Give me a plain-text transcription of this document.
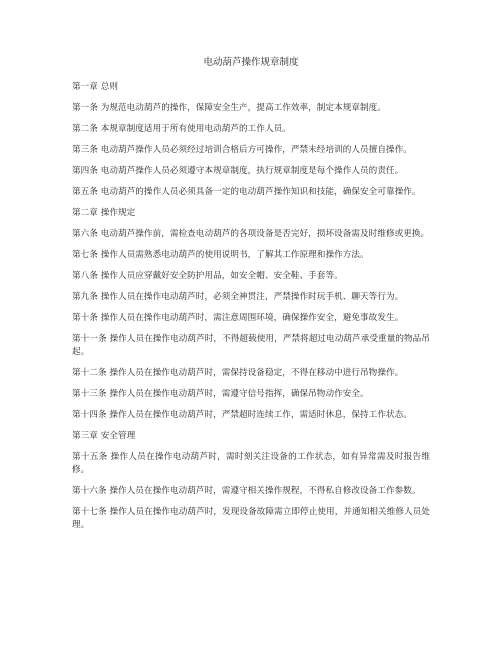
电动葫芦操作规章制度

第一章 总则

第一条 为规范电动葫芦的操作，保障安全生产，提高工作效率，制定本规章制度。

第二条 本规章制度适用于所有使用电动葫芦的工作人员。

第三条 电动葫芦操作人员必须经过培训合格后方可操作，严禁未经培训的人员擅自操作。

第四条 电动葫芦操作人员必须遵守本规章制度，执行规章制度是每个操作人员的责任。

第五条 电动葫芦的操作人员必须具备一定的电动葫芦操作知识和技能，确保安全可靠操作。

第二章 操作规定

第六条 电动葫芦操作前，需检查电动葫芦的各项设备是否完好，损坏设备需及时维修或更换。

第七条 操作人员需熟悉电动葫芦的使用说明书，了解其工作原理和操作方法。

第八条 操作人员应穿戴好安全防护用品，如安全帽、安全鞋、手套等。

第九条 操作人员在操作电动葫芦时，必须全神贯注，严禁操作时玩手机、聊天等行为。

第十条 操作人员在操作电动葫芦时，需注意周围环境，确保操作安全，避免事故发生。

第十一条 操作人员在操作电动葫芦时，不得超载使用，严禁将超过电动葫芦承受重量的物品吊起。

第十二条 操作人员在操作电动葫芦时，需保持设备稳定，不得在移动中进行吊物操作。

第十三条 操作人员在操作电动葫芦时，需遵守信号指挥，确保吊物动作安全。

第十四条 操作人员在操作电动葫芦时，严禁超时连续工作，需适时休息，保持工作状态。

第三章 安全管理

第十五条 操作人员在操作电动葫芦时，需时刻关注设备的工作状态，如有异常需及时报告维修。

第十六条 操作人员在操作电动葫芦时，需遵守相关操作规程，不得私自修改设备工作参数。

第十七条 操作人员在操作电动葫芦时，发现设备故障需立即停止使用，并通知相关维修人员处理。
